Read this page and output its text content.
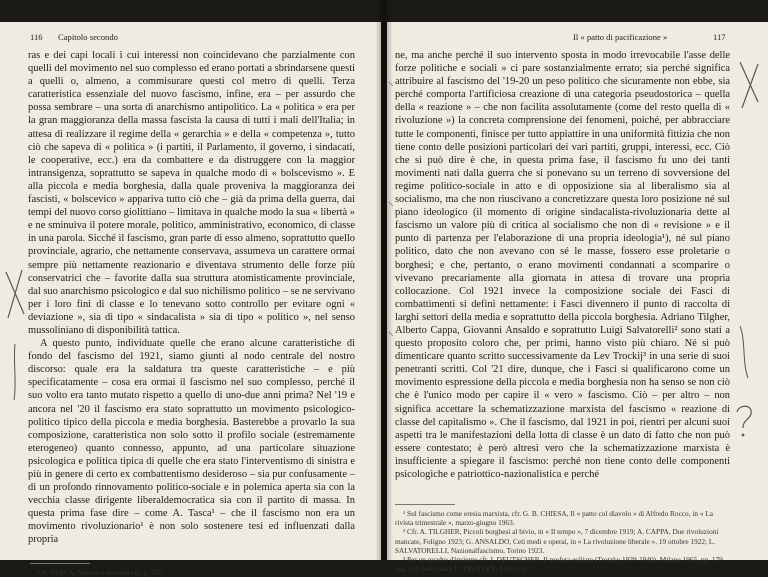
116 Capitolo secondo

ras e dei capi locali i cui interessi non coincidevano che parzialmente con quelli del movimento nel suo complesso ed erano portati a sbrindarsene questi a quelli o, almeno, a commisurare questi col metro di quelli. Terza caratteristica essenziale del nuovo fascismo, infine, era – per assurdo che possa sembrare – una sorta di anarchismo antipolitico. La « politica » era per la gran maggioranza della massa fascista la causa di tutti i mali dell'Italia; in attesa di realizzare il regime della « gerarchia » e della « competenza », tutto ciò che sapeva di « politica » (i partiti, il Parlamento, il governo, i sindacati, le cooperative, ecc.) era da combattere e da distruggere con la maggior intransigenza, soprattutto se sapeva in qualche modo di « bolscevismo ». E alla piccola e media borghesia, dalla quale proveniva la maggioranza dei fascisti, « bolscevico » appariva tutto ciò che – già da prima della guerra, dai tempi del nuovo corso giolittiano – limitava in qualche modo la sua « libertà » e ne sminuiva il potere morale, politico, amministrativo, economico, di classe in una parola. Sicché il fascismo, gran parte di esso almeno, soprattutto quello provinciale, agrario, che nettamente conservava, assumeva un carattere ormai sempre più nettamente reazionario e diventava strumento delle forze più conservatrici che – favorite dalla sua struttura atomisticamente provinciale, dal suo anarchismo psicologico e dal suo nichilismo politico – se ne servivano per i loro fini di classe e lo tenevano sotto controllo per evitare ogni « deviazione », sia di tipo « sindacalista » sia di tipo « politico », nel senso mussoliniano di disponibilità tattica.

A questo punto, individuate quelle che erano alcune caratteristiche di fondo del fascismo del 1921, siamo giunti al nodo centrale del nostro discorso: quale era la saldatura tra queste caratteristiche – e più specificatamente – cosa era ormai il fascismo nel suo complesso, perché il suo volto era tanto mutato rispetto a quello di uno-due anni prima? Nel '19 e ancora nel '20 il fascismo era stato soprattutto un movimento psicologico-politico tipico della piccola e media borghesia. Basterebbe a provarlo la sua composizione, caratteristica non solo sotto il profilo sociale (estremamente eterogeneo) quanto connesso, appunto, ad una particolare situazione psicologica e politica tipica di quelle che era stato l'interventismo di sinistra e più in genere di certo ex combattentismo desideroso – sia pur confusamente – di un profondo rinnovamento politico-sociale e in polemica aperta sia con la vecchia classe dirigente liberaldemocratica sia con il partito di massa. In questa prima fase dire – come A. Tasca¹ – che il fascismo non era un movimento rivoluzionario¹ è non solo sostenere tesi ed influenzati dalla propria

¹ A. TASCA, Nascita e avvento cit., p. 355.
Il « patto di pacificazione »	117

ne, ma anche perché il suo intervento sposta in modo irrevocabile l'asse delle forze politiche e sociali » ci pare sostanzialmente errato; sia perché significa attribuire al fascismo del '19-20 un peso politico che sicuramente non ebbe, sia perché comporta l'artificiosa creazione di una categoria pseudostorica – quella della « reazione » – che non facilita assolutamente (come del resto quella di « rivoluzione ») la concreta comprensione dei fenomeni, poiché, per abbracciare tutte le componenti, finisce per tutto appiattire in una uniformità fittizia che non tiene conto delle posizioni particolari dei vari partiti, gruppi, interessi, ecc. Ciò che si può dire è che, in questa prima fase, il fascismo fu uno dei tanti movimenti nati dalla guerra che si ponevano su un terreno di sovversione del regime politico-sociale in atto e di opposizione sia al liberalismo sia al socialismo, ma che non riuscivano a concretizzare questa loro posizione né sul piano ideologico (il momento di origine sindacalista-rivoluzionaria dette al fascismo un valore più di critica al socialismo che non di « revisione » e il punto di partenza per l'elaborazione di una propria ideologia¹), né sul piano politico, dato che non avevano con sé le masse, fossero esse proletarie o borghesi; e che, pertanto, o erano movimenti condannati a scomparire o vivevano precariamente alla giornata in attesa di trovare una propria collocazione. Col 1921 invece la composizione sociale dei Fasci di combattimenti si definì nettamente: i Fasci divennero il punto di raccolta di larghi settori della media e soprattutto della piccola borghesia. Adriano Tilgher, Alberto Cappa, Giovanni Ansaldo e soprattutto Luigi Salvatorelli² sono stati a questo proposito coloro che, per primi, hanno visto più chiaro. Né si può dimenticare quanto scritto successivamente da Lev Trockij³ in una serie di suoi penetranti scritti. Col '21 dire, dunque, che i Fasci si qualificarono come un movimento espressione della piccola e media borghesia non ha senso se non ciò che è l'unico modo per capire il « vero » fascismo. Ciò – per altro – non significa accettare la schematizzazione marxista del fascismo « reazione di classe del capitalismo ». Che il fascismo, dal 1921 in poi, rientri per alcuni suoi aspetti tra le manifestazioni della lotta di classe è un dato di fatto che non può essere contestato; è però altresì vero che la schematizzazione marxista è insufficiente a spiegare il fascismo: perché non tiene conto delle componenti psicologiche e patriottico-nazionalistica e perché

¹ Sul fascismo come eresia marxista, cfr. G. B. CHIESA, Il « patto col diavolo » di Alfredo Rocco, in « La rivista trimestrale », marzo-giugno 1963.
² Cfr. A. TILGHER, Piccoli borghesi al bivio, in « Il tempo », 7 dicembre 1919; A. CAPPA, Due rivoluzioni mancate, Foligno 1923; G. ANSALDO, Cetì medi e operai, in « La rivoluzione liberale », 19 ottobre 1922; L. SALVATORELLI, Nazionalfascismo, Torino 1923.
³ Per un quadro d'insieme cfr. I. DEUTSCHER, Il profeta esiliato (Trotzky 1929-1940), Milano 1965, pp. 179 sgg. e in particolare L. TROTZKY, Écrits cit.
